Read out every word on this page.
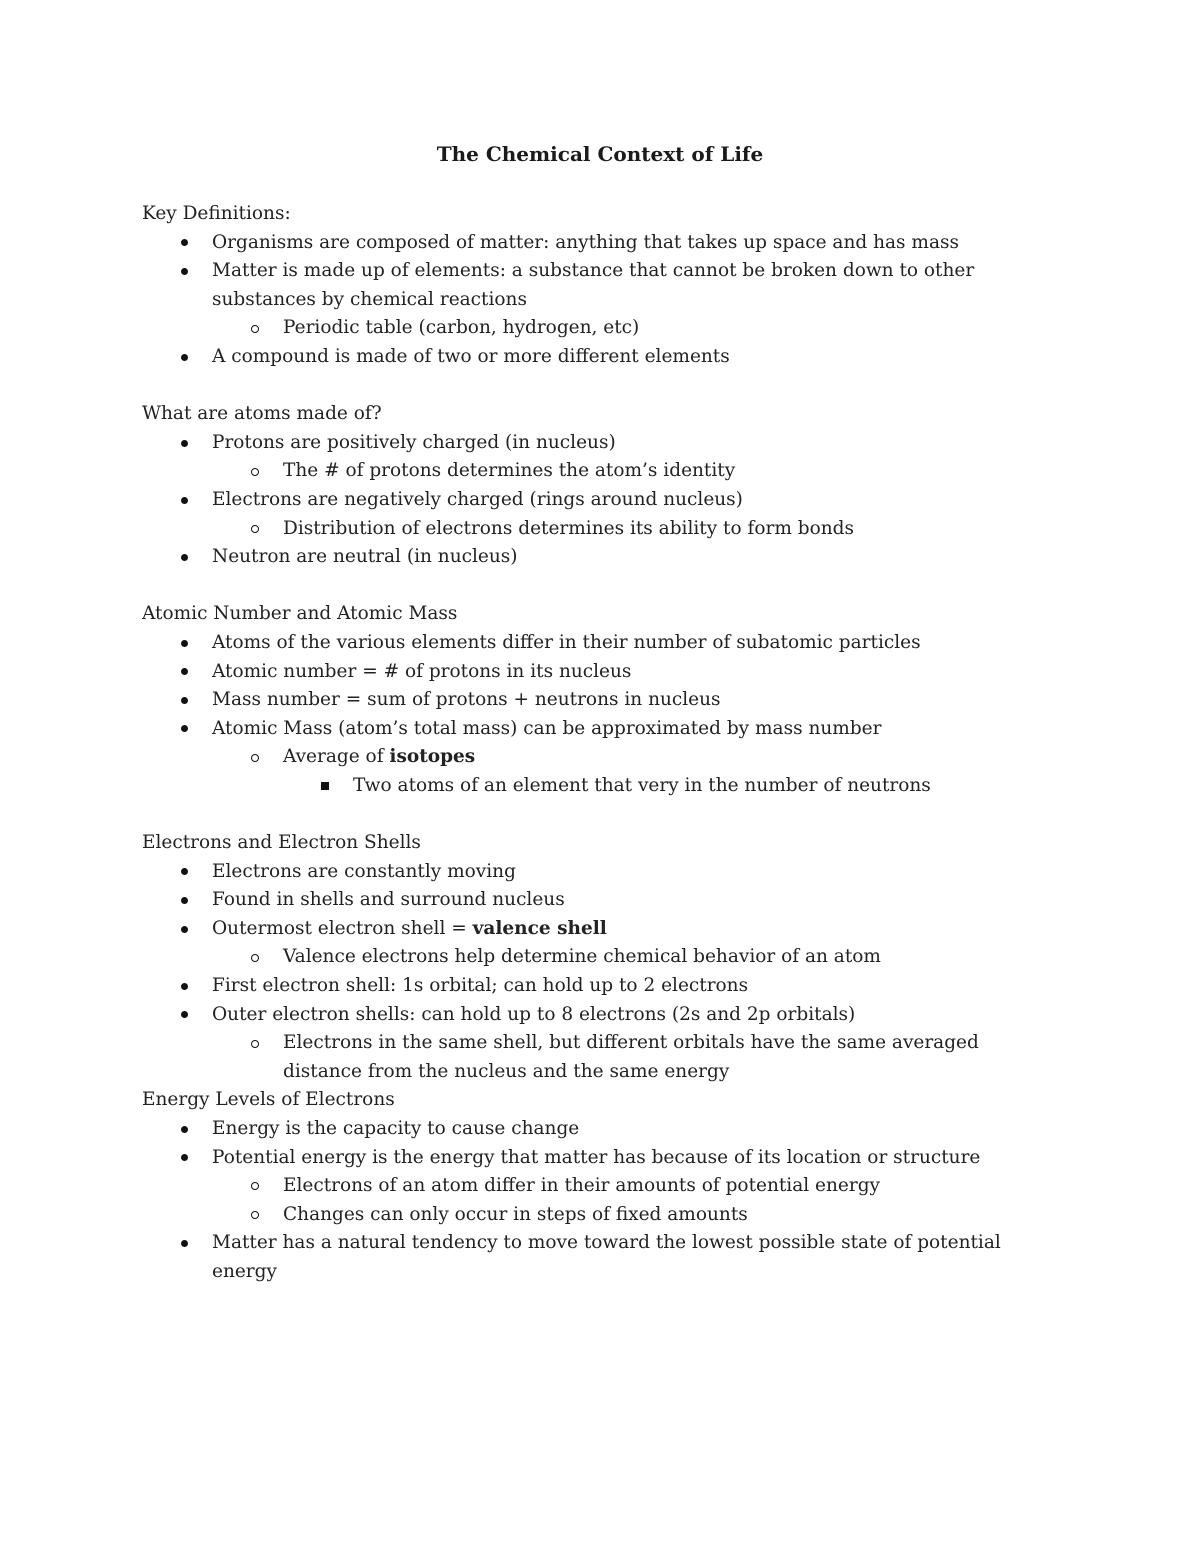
The Chemical Context of Life

Key Definitions:

Organisms are composed of matter: anything that takes up space and has mass

Matter is made up of elements: a substance that cannot be broken down to other substances by chemical reactions

Periodic table (carbon, hydrogen, etc)

A compound is made of two or more different elements

What are atoms made of?

Protons are positively charged (in nucleus)

The # of protons determines the atom’s identity

Electrons are negatively charged (rings around nucleus)

Distribution of electrons determines its ability to form bonds

Neutron are neutral (in nucleus)

Atomic Number and Atomic Mass

Atoms of the various elements differ in their number of subatomic particles

Atomic number = # of protons in its nucleus

Mass number = sum of protons + neutrons in nucleus

Atomic Mass (atom’s total mass) can be approximated by mass number

Average of isotopes

Two atoms of an element that very in the number of neutrons

Electrons and Electron Shells

Electrons are constantly moving

Found in shells and surround nucleus

Outermost electron shell = valence shell

Valence electrons help determine chemical behavior of an atom

First electron shell: 1s orbital; can hold up to 2 electrons

Outer electron shells: can hold up to 8 electrons (2s and 2p orbitals)

Electrons in the same shell, but different orbitals have the same averaged distance from the nucleus and the same energy

Energy Levels of Electrons

Energy is the capacity to cause change

Potential energy is the energy that matter has because of its location or structure

Electrons of an atom differ in their amounts of potential energy

Changes can only occur in steps of fixed amounts

Matter has a natural tendency to move toward the lowest possible state of potential energy
